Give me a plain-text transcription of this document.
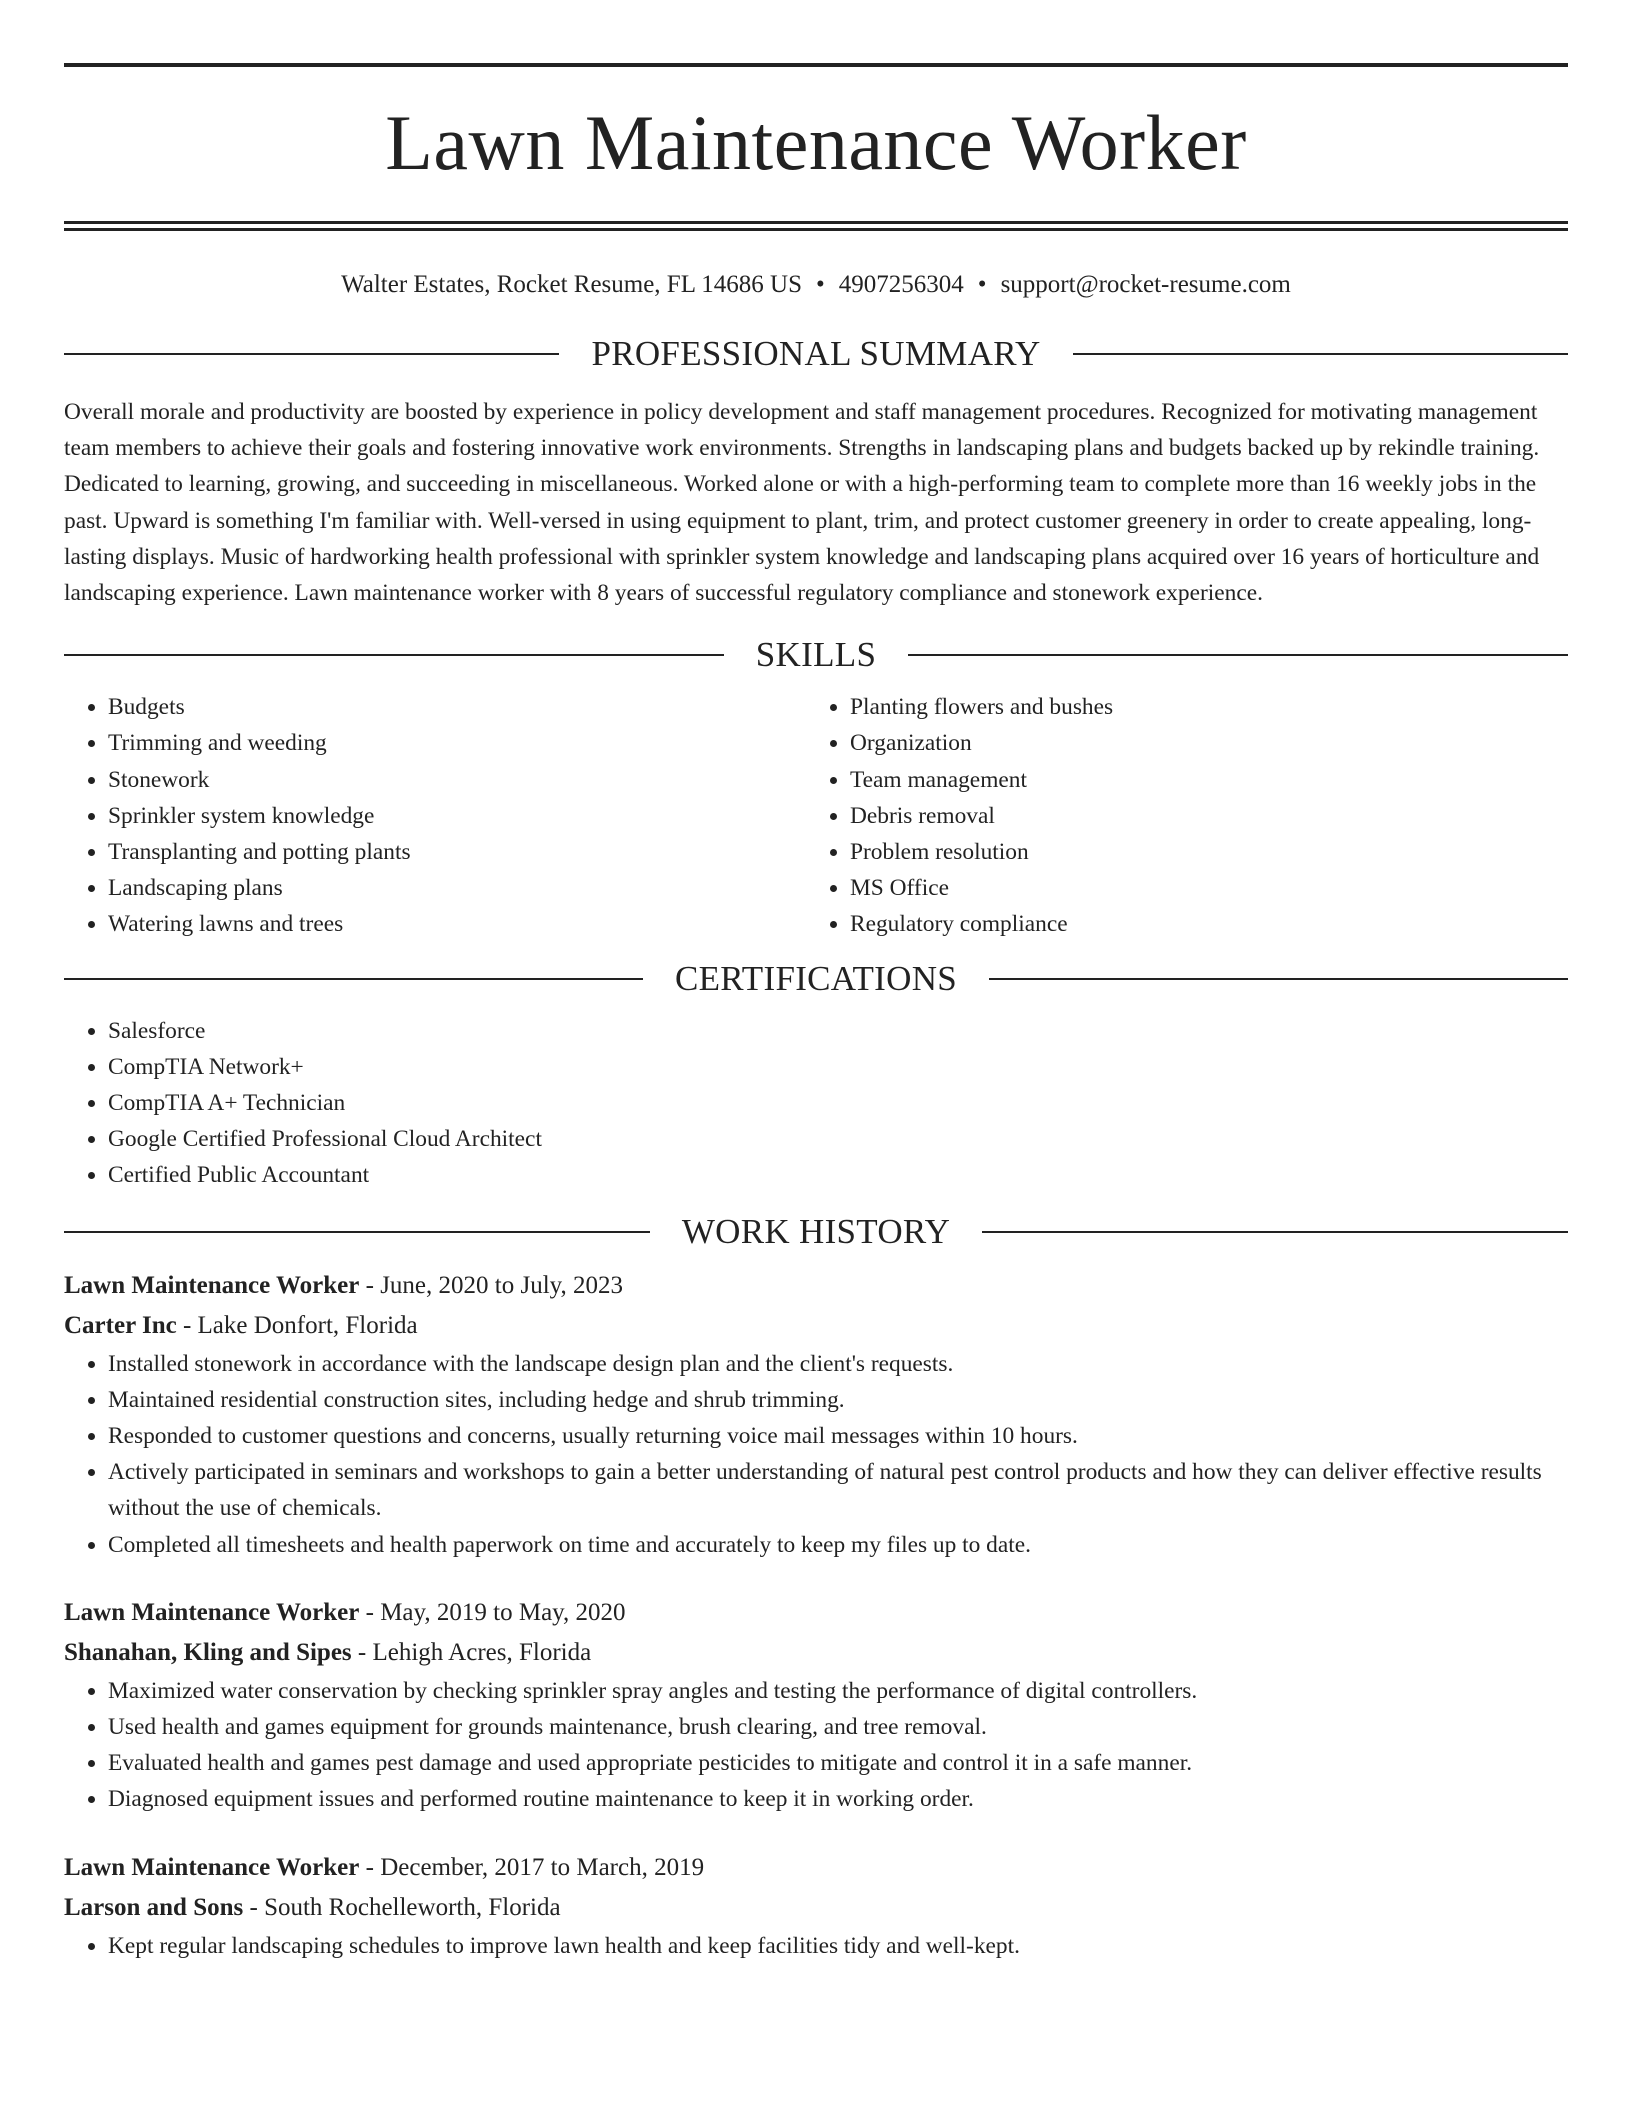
Lawn Maintenance Worker
Walter Estates, Rocket Resume, FL 14686 US • 4907256304 • support@rocket-resume.com
PROFESSIONAL SUMMARY

Overall morale and productivity are boosted by experience in policy development and staff management procedures. Recognized for motivating management team members to achieve their goals and fostering innovative work environments. Strengths in landscaping plans and budgets backed up by rekindle training. Dedicated to learning, growing, and succeeding in miscellaneous. Worked alone or with a high-performing team to complete more than 16 weekly jobs in the past. Upward is something I'm familiar with. Well-versed in using equipment to plant, trim, and protect customer greenery in order to create appealing, long-lasting displays. Music of hardworking health professional with sprinkler system knowledge and landscaping plans acquired over 16 years of horticulture and landscaping experience. Lawn maintenance worker with 8 years of successful regulatory compliance and stonework experience.

SKILLS
• Budgets
• Trimming and weeding
• Stonework
• Sprinkler system knowledge
• Transplanting and potting plants
• Landscaping plans
• Watering lawns and trees
• Planting flowers and bushes
• Organization
• Team management
• Debris removal
• Problem resolution
• MS Office
• Regulatory compliance
CERTIFICATIONS
• Salesforce
• CompTIA Network+
• CompTIA A+ Technician
• Google Certified Professional Cloud Architect
• Certified Public Accountant
WORK HISTORY
Lawn Maintenance Worker - June, 2020 to July, 2023
Carter Inc - Lake Donfort, Florida
• Installed stonework in accordance with the landscape design plan and the client's requests.
• Maintained residential construction sites, including hedge and shrub trimming.
• Responded to customer questions and concerns, usually returning voice mail messages within 10 hours.
• Actively participated in seminars and workshops to gain a better understanding of natural pest control products and how they can deliver effective results without the use of chemicals.
• Completed all timesheets and health paperwork on time and accurately to keep my files up to date.
Lawn Maintenance Worker - May, 2019 to May, 2020
Shanahan, Kling and Sipes - Lehigh Acres, Florida
• Maximized water conservation by checking sprinkler spray angles and testing the performance of digital controllers.
• Used health and games equipment for grounds maintenance, brush clearing, and tree removal.
• Evaluated health and games pest damage and used appropriate pesticides to mitigate and control it in a safe manner.
• Diagnosed equipment issues and performed routine maintenance to keep it in working order.
Lawn Maintenance Worker - December, 2017 to March, 2019
Larson and Sons - South Rochelleworth, Florida
• Kept regular landscaping schedules to improve lawn health and keep facilities tidy and well-kept.
